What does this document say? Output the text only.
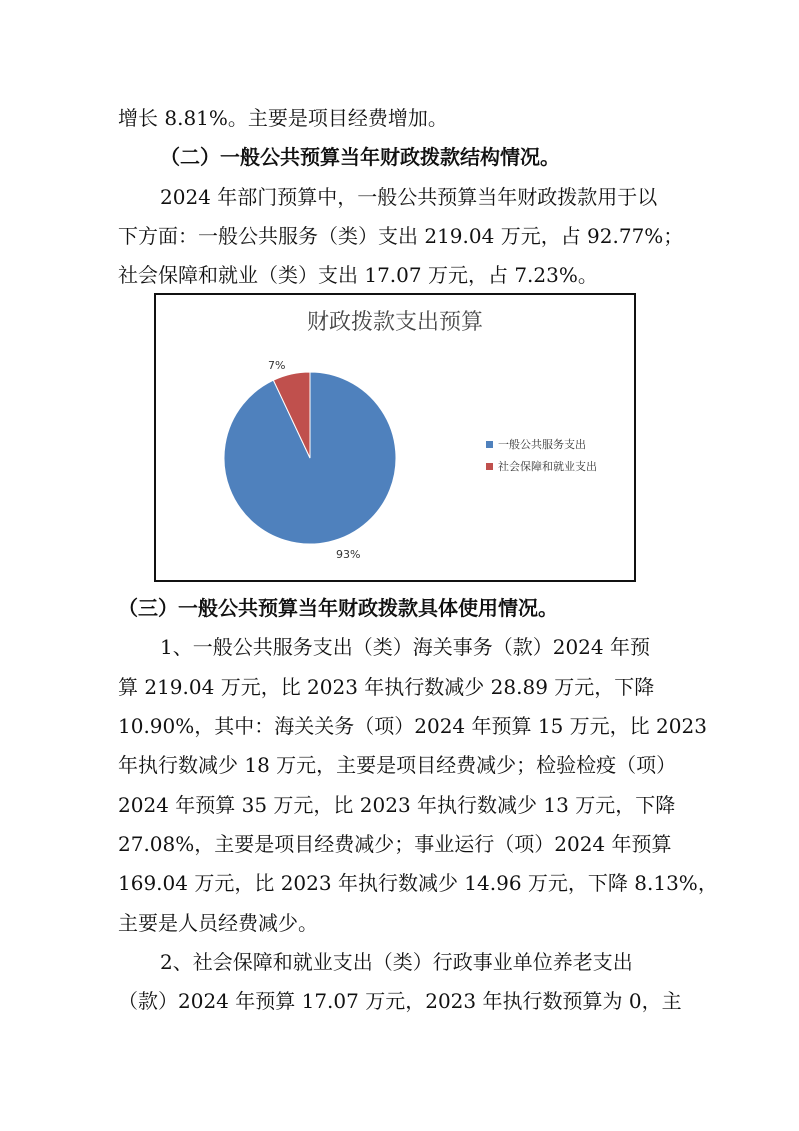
增长 8.81%。主要是项目经费增加。
（二）一般公共预算当年财政拨款结构情况。
2024 年部门预算中，一般公共预算当年财政拨款用于以
下方面：一般公共服务（类）支出 219.04 万元，占 92.77%；
社会保障和就业（类）支出 17.07 万元，占 7.23%。
财政拨款支出预算
7%
93%
一般公共服务支出
社会保障和就业支出
（三）一般公共预算当年财政拨款具体使用情况。
1、一般公共服务支出（类）海关事务（款）2024 年预
算 219.04 万元，比 2023 年执行数减少 28.89 万元，下降
10.90%，其中：海关关务（项）2024 年预算 15 万元，比 2023
年执行数减少 18 万元，主要是项目经费减少；检验检疫（项）
2024 年预算 35 万元，比 2023 年执行数减少 13 万元，下降
27.08%，主要是项目经费减少；事业运行（项）2024 年预算
169.04 万元，比 2023 年执行数减少 14.96 万元，下降 8.13%，
主要是人员经费减少。
2、社会保障和就业支出（类）行政事业单位养老支出
（款）2024 年预算 17.07 万元，2023 年执行数预算为 0，主
